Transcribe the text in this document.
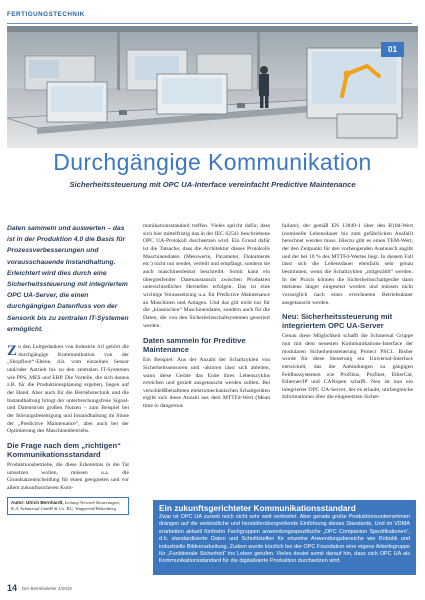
FERTIGUNGSTECHNIK
01
Durchgängige Kommunikation
Sicherheitssteuerung mit OPC UA-Interface vereinfacht Predictive Maintenance

Daten sammeln und auswerten – das ist in der Produktion 4.0 die Basis für Prozessverbesserungen und vorausschauende Instandhaltung. Erleichtert wird dies durch eine Sicherheitssteuerung mit integriertem OPC UA-Server, die einen durchgängigen Datenfluss von der Sensorik bis zu zentralen IT-Systemen ermöglicht.

Zu den Leitgedanken von Industrie 4.0 gehört die durchgängige Kommunikation von der „Shopfloor“-Ebene, d.h. vom einzelnen Sensor und/oder Antrieb bis zu den zentralen IT-Systemen wie PPS, MES und ERP. Die Vorteile, die sich daraus z.B. für die Produktionsplanung ergeben, liegen auf der Hand. Aber auch für die Betriebstechnik und die Instandhaltung bringt der unterbrechungsfreie Signal- und Datenstrom großen Nutzen – zum Beispiel bei der Störungsbeseitigung und Instandhaltung im Sinne der „Predictive Maintenance“, aber auch bei der Optimierung des Maschinenbetriebs.

Die Frage nach dem „richtigen“ Kommunikationsstandard

Produktionsbetriebe, die diese Erkenntnis in die Tat umsetzen wollen, müssen u.a. die Grundsatzentscheidung für einen geeigneten und vor allem zukunftssicheren Kom-

Autor: Ulrich Bernhardt, Leitung Vertrieb Steuerungen, K.A. Schmersal GmbH & Co. KG, Wuppertal/Wettenberg

munikationsstandard treffen. Vieles spricht dafür, dass sich hier mittelfristig das in der IEC 62541 beschriebene OPC UA-Protokoll durchsetzen wird. Ein Grund dafür ist die Tatsache, dass die Architektur dieses Protokolls Maschinendaten (Messwerte, Parameter, Dokumente etc.) nicht nur sendet, verteilt und empfängt, sondern sie auch maschinenlesbar beschreibt. Somit kann ein übergreifender Datenaustausch zwischen Produkten unterschiedlicher Hersteller erfolgen. Das ist eine wichtige Voraussetzung u.a. für Predictive Maintenance an Maschinen und Anlagen. Und das gilt nicht nur für die „klassischen“ Maschinendaten, sondern auch für die Daten, die von den Sicherheitsschaltsystemen generiert werden.

Daten sammeln für Preditive Maintenance

Ein Beispiel: Aus der Anzahl der Schaltzyklen von Sicherheitssensoren und -aktoren lässt sich ableiten, wann diese Geräte das Ende ihres Lebenszyklus erreichen und gezielt ausgetauscht werden sollten. Bei verschleißbehafteten elektromechanischen Schaltgeräten ergibt sich diese Anzahl aus dem MTTFd-Wert (Mean time to dangerous

failure), der gemäß EN 13849-1 über den B10d-Wert (nominelle Lebensdauer bis zum gefährlichen Ausfall) berechnet werden muss. Hierzu gibt es einen TEM-Wert, der den Zeitpunkt für den vorbeugenden Austausch angibt und der bei 10 % des MTTFd-Wertes liegt. In diesem Fall lässt sich die Lebensdauer ebenfalls sehr genau bestimmen, wenn die Schaltzyklen „mitgezählt“ werden. In der Praxis können die Sicherheitsschaltgeräte dann meistens länger eingesetzt werden und müssen nicht vorsorglich nach einer errechneten Betriebsdauer ausgetauscht werden.

Neu: Sicherheitssteuerung mit integriertem OPC UA-Server

Genau diese Möglichkeit schafft die Schmersal Gruppe nun mit dem neuesten Kommunikations-Interface der modularen Sicherheitssteuerung Protect PSC1. Bisher wurde für diese Steuerung ein Universal-Interface entwickelt, das die Anbindungen zu gängigen Feldbussystemen wie Profibus, Profinet, EtherCat, Ethernet/IP und CANopen schafft. Neu ist nun ein integrierter OPC UA-Server, der es erlaubt, umfangreiche Informationen über die eingesetzten Sicher-

Ein zukunftsgerichteter Kommunikationsstandard
Zwar ist OPC UA zurzeit noch nicht sehr weit verbreitet. Aber gerade große Produktionsunternehmen drängen auf die verbindliche und herstellerübergreifende Einführung dieses Standards. Und im VDMA erarbeiten aktuell fünfzehn Fachgruppen anwendungsspezifische „OPC Companion Spezifikationen“, d.h. standardisierte Daten und Schnittstellen für einzelne Anwendungsbereiche wie Robotik und industrielle Bildverarbeitung. Zudem wurde kürzlich bei der OPC Foundation eine eigene Arbeitsgruppe für „Funktionale Sicherheit“ ins Leben gerufen. Vieles deutet somit darauf hin, dass sich OPC UA als Kommunikationsstandard für die digitalisierte Produktion durchsetzen wird.
14 Der Betriebsleiter 4/2019
